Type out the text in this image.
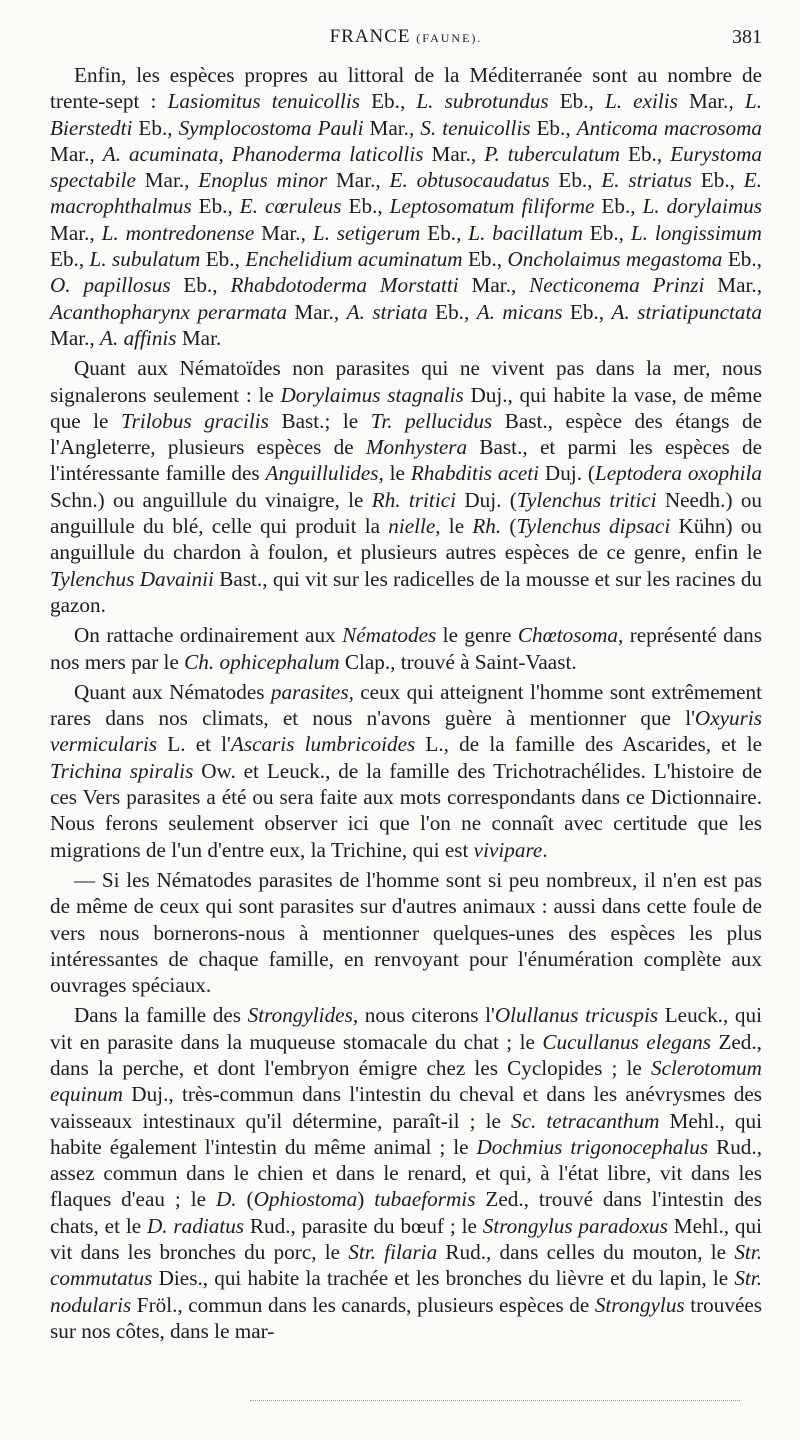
FRANCE (FAUNE).	381

Enfin, les espèces propres au littoral de la Méditerranée sont au nombre de trente-sept : Lasiomitus tenuicollis Eb., L. subrotundus Eb., L. exilis Mar., L. Bierstedti Eb., Symplocostoma Pauli Mar., S. tenuicollis Eb., Anticoma macrosoma Mar., A. acuminata, Phanoderma laticollis Mar., P. tuberculatum Eb., Eurystoma spectabile Mar., Enoplus minor Mar., E. obtusocaudatus Eb., E. striatus Eb., E. macrophthalmus Eb., E. cœruleus Eb., Leptosomatum filiforme Eb., L. dorylaimus Mar., L. montredonense Mar., L. setigerum Eb., L. bacillatum Eb., L. longissimum Eb., L. subulatum Eb., Enchelidium acuminatum Eb., Oncholaimus megastoma Eb., O. papillosus Eb., Rhabdotoderma Morstatti Mar., Necticonema Prinzi Mar., Acanthopharynx perarmata Mar., A. striata Eb., A. micans Eb., A. striatipunctata Mar., A. affinis Mar.

Quant aux Nématoïdes non parasites qui ne vivent pas dans la mer, nous signalerons seulement : le Dorylaimus stagnalis Duj., qui habite la vase, de même que le Trilobus gracilis Bast.; le Tr. pellucidus Bast., espèce des étangs de l'Angleterre, plusieurs espèces de Monhystera Bast., et parmi les espèces de l'intéressante famille des Anguillulides, le Rhabditis aceti Duj. (Leptodera oxophila Schn.) ou anguillule du vinaigre, le Rh. tritici Duj. (Tylenchus tritici Needh.) ou anguillule du blé, celle qui produit la nielle, le Rh. (Tylenchus dipsaci Kühn) ou anguillule du chardon à foulon, et plusieurs autres espèces de ce genre, enfin le Tylenchus Davainii Bast., qui vit sur les radicelles de la mousse et sur les racines du gazon.

On rattache ordinairement aux Nématodes le genre Chœtosoma, représenté dans nos mers par le Ch. ophicephalum Clap., trouvé à Saint-Vaast.

Quant aux Nématodes parasites, ceux qui atteignent l'homme sont extrêmement rares dans nos climats, et nous n'avons guère à mentionner que l'Oxyuris vermicularis L. et l'Ascaris lumbricoides L., de la famille des Ascarides, et le Trichina spiralis Ow. et Leuck., de la famille des Trichotrachélides. L'histoire de ces Vers parasites a été ou sera faite aux mots correspondants dans ce Dictionnaire. Nous ferons seulement observer ici que l'on ne connaît avec certitude que les migrations de l'un d'entre eux, la Trichine, qui est vivipare.

— Si les Nématodes parasites de l'homme sont si peu nombreux, il n'en est pas de même de ceux qui sont parasites sur d'autres animaux : aussi dans cette foule de vers nous bornerons-nous à mentionner quelques-unes des espèces les plus intéressantes de chaque famille, en renvoyant pour l'énumération complète aux ouvrages spéciaux.

Dans la famille des Strongylides, nous citerons l'Olullanus tricuspis Leuck., qui vit en parasite dans la muqueuse stomacale du chat ; le Cucullanus elegans Zed., dans la perche, et dont l'embryon émigre chez les Cyclopides ; le Sclerotomum equinum Duj., très-commun dans l'intestin du cheval et dans les anévrysmes des vaisseaux intestinaux qu'il détermine, paraît-il ; le Sc. tetracanthum Mehl., qui habite également l'intestin du même animal ; le Dochmius trigonocephalus Rud., assez commun dans le chien et dans le renard, et qui, à l'état libre, vit dans les flaques d'eau ; le D. (Ophiostoma) tubaeformis Zed., trouvé dans l'intestin des chats, et le D. radiatus Rud., parasite du bœuf ; le Strongylus paradoxus Mehl., qui vit dans les bronches du porc, le Str. filaria Rud., dans celles du mouton, le Str. commutatus Dies., qui habite la trachée et les bronches du lièvre et du lapin, le Str. nodularis Fröl., commun dans les canards, plusieurs espèces de Strongylus trouvées sur nos côtes, dans le mar-
